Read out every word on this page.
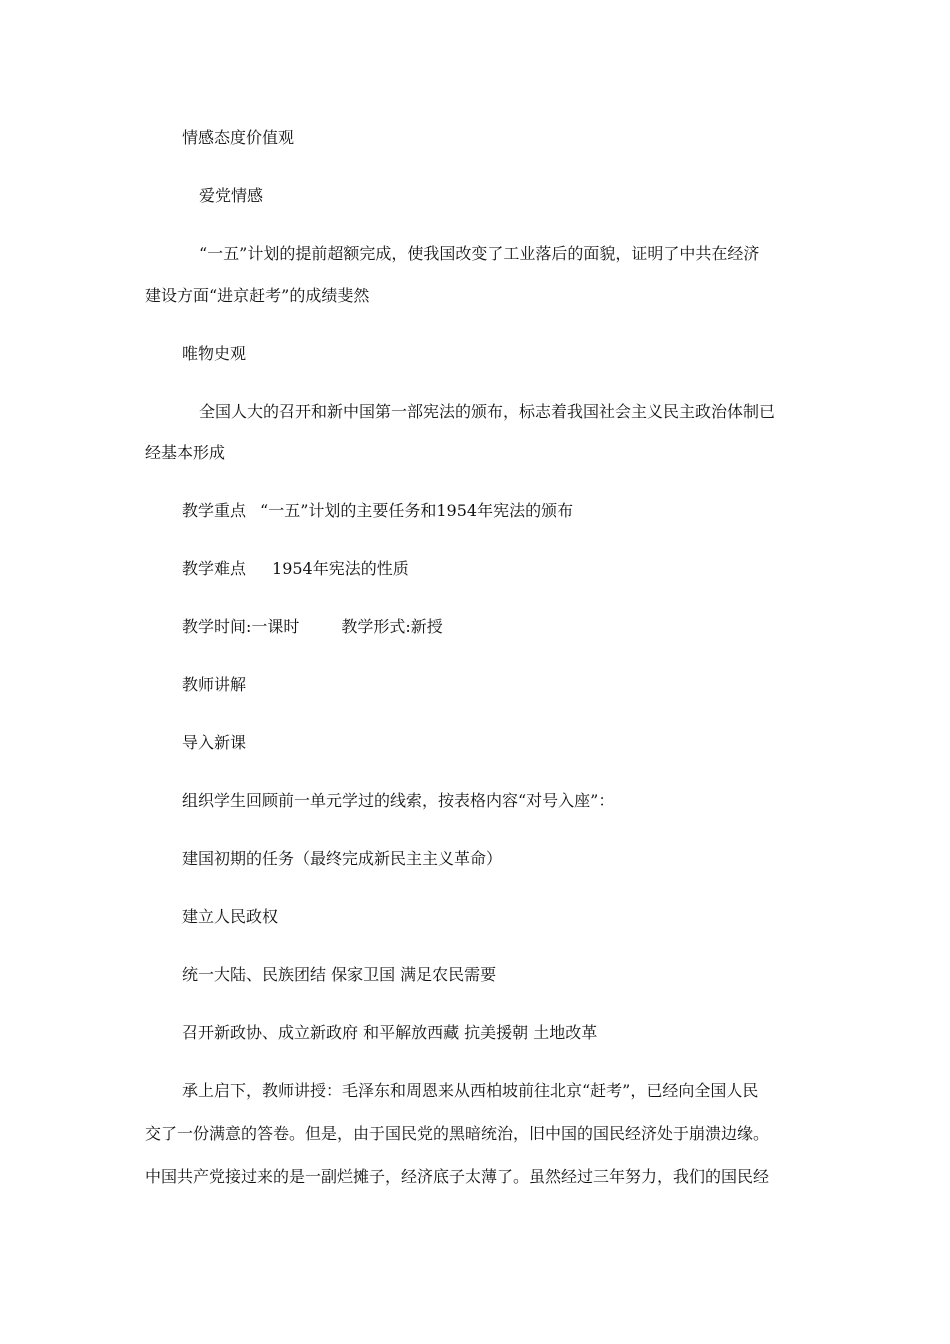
情感态度价值观
爱党情感
“一五”计划的提前超额完成，使我国改变了工业落后的面貌，证明了中共在经济
建设方面“进京赶考”的成绩斐然
唯物史观
全国人大的召开和新中国第一部宪法的颁布，标志着我国社会主义民主政治体制已
经基本形成
教学重点 “一五”计划的主要任务和1954年宪法的颁布
教学难点 1954年宪法的性质
教学时间:一课时	教学形式:新授
教师讲解
导入新课
组织学生回顾前一单元学过的线索，按表格内容“对号入座”：
建国初期的任务（最终完成新民主主义革命）
建立人民政权
统一大陆、民族团结 保家卫国 满足农民需要
召开新政协、成立新政府 和平解放西藏 抗美援朝 土地改革
承上启下，教师讲授：毛泽东和周恩来从西柏坡前往北京“赶考”，已经向全国人民
交了一份满意的答卷。但是，由于国民党的黑暗统治，旧中国的国民经济处于崩溃边缘。
中国共产党接过来的是一副烂摊子，经济底子太薄了。虽然经过三年努力，我们的国民经
